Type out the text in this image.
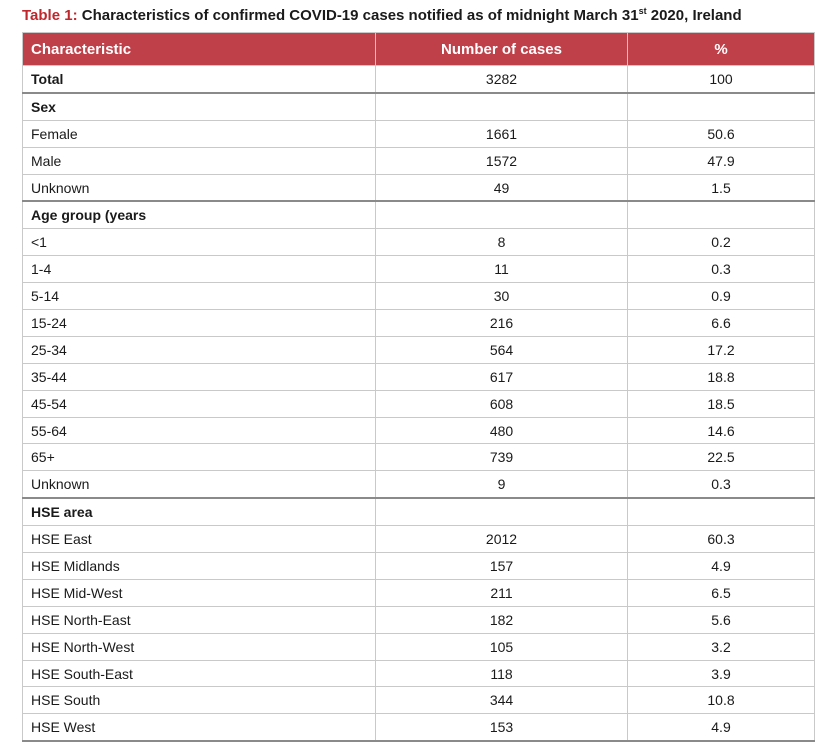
Table 1: Characteristics of confirmed COVID-19 cases notified as of midnight March 31st 2020, Ireland
Characteristic	Number of cases	%
Total	3282	100
Sex		
Female	1661	50.6
Male	1572	47.9
Unknown	49	1.5
Age group (years		
<1	8	0.2
1-4	11	0.3
5-14	30	0.9
15-24	216	6.6
25-34	564	17.2
35-44	617	18.8
45-54	608	18.5
55-64	480	14.6
65+	739	22.5
Unknown	9	0.3
HSE area		
HSE East	2012	60.3
HSE Midlands	157	4.9
HSE Mid-West	211	6.5
HSE North-East	182	5.6
HSE North-West	105	3.2
HSE South-East	118	3.9
HSE South	344	10.8
HSE West	153	4.9
